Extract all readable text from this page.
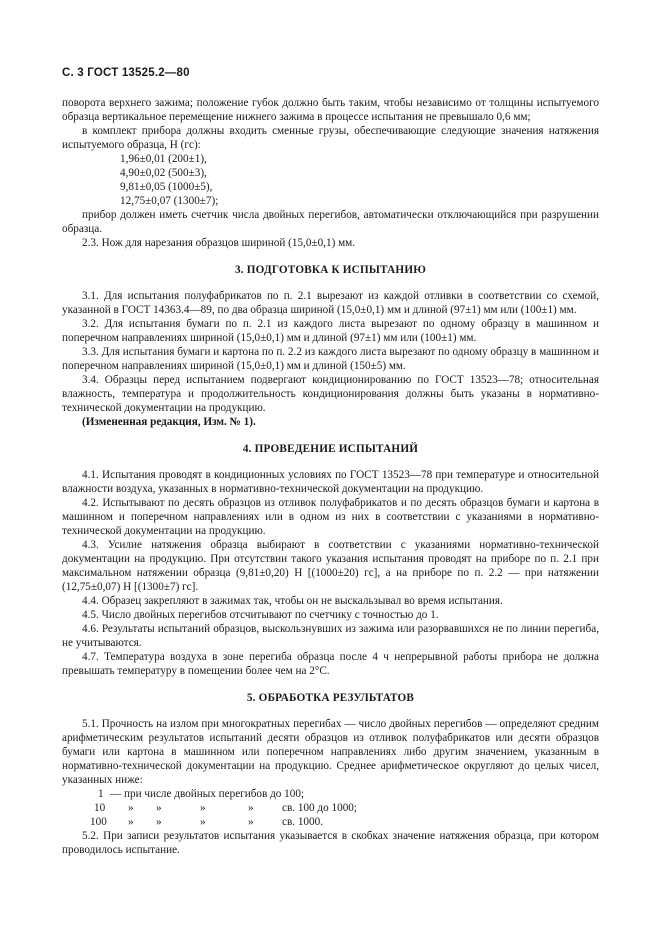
С. 3 ГОСТ 13525.2—80

поворота верхнего зажима; положение губок должно быть таким, чтобы независимо от толщины испытуемого образца вертикальное перемещение нижнего зажима в процессе испытания не превышало 0,6 мм;

в комплект прибора должны входить сменные грузы, обеспечивающие следующие значения натяжения испытуемого образца, Н (гс):

1,96±0,01 (200±1),
4,90±0,02 (500±3),
9,81±0,05 (1000±5),
12,75±0,07 (1300±7);

прибор должен иметь счетчик числа двойных перегибов, автоматически отключающийся при разрушении образца.

2.3. Нож для нарезания образцов шириной (15,0±0,1) мм.

3. ПОДГОТОВКА К ИСПЫТАНИЮ

3.1. Для испытания полуфабрикатов по п. 2.1 вырезают из каждой отливки в соответствии со схемой, указанной в ГОСТ 14363.4—89, по два образца шириной (15,0±0,1) мм и длиной (97±1) мм или (100±1) мм.

3.2. Для испытания бумаги по п. 2.1 из каждого листа вырезают по одному образцу в машинном и поперечном направлениях шириной (15,0±0,1) мм и длиной (97±1) мм или (100±1) мм.

3.3. Для испытания бумаги и картона по п. 2.2 из каждого листа вырезают по одному образцу в машинном и поперечном направлениях шириной (15,0±0,1) мм и длиной (150±5) мм.

3.4. Образцы перед испытанием подвергают кондиционированию по ГОСТ 13523—78; относительная влажность, температура и продолжительность кондиционирования должны быть указаны в нормативно-технической документации на продукцию.

(Измененная редакция, Изм. № 1).

4. ПРОВЕДЕНИЕ ИСПЫТАНИЙ

4.1. Испытания проводят в кондиционных условиях по ГОСТ 13523—78 при температуре и относительной влажности воздуха, указанных в нормативно-технической документации на продукцию.

4.2. Испытывают по десять образцов из отливок полуфабрикатов и по десять образцов бумаги и картона в машинном и поперечном направлениях или в одном из них в соответствии с указаниями в нормативно-технической документации на продукцию.

4.3. Усилие натяжения образца выбирают в соответствии с указаниями нормативно-технической документации на продукцию. При отсутствии такого указания испытания проводят на приборе по п. 2.1 при максимальном натяжении образца (9,81±0,20) Н [(1000±20) гс], а на приборе по п. 2.2 — при натяжении (12,75±0,07) Н [(1300±7) гс].

4.4. Образец закрепляют в зажимах так, чтобы он не выскальзывал во время испытания.

4.5. Число двойных перегибов отсчитывают по счетчику с точностью до 1.

4.6. Результаты испытаний образцов, выскользнувших из зажима или разорвавшихся не по линии перегиба, не учитываются.

4.7. Температура воздуха в зоне перегиба образца после 4 ч непрерывной работы прибора не должна превышать температуру в помещении более чем на 2°С.

5. ОБРАБОТКА РЕЗУЛЬТАТОВ

5.1. Прочность на излом при многократных перегибах — число двойных перегибов — определяют средним арифметическим результатов испытаний десяти образцов из отливок полуфабрикатов или десяти образцов бумаги или картона в машинном или поперечном направлениях либо другим значением, указанным в нормативно-технической документации на продукцию. Среднее арифметическое округляют до целых чисел, указанных ниже:

1 — при числе двойных перегибов до 100;
10 » »	»	»	св. 100 до 1000;
100 » »	»	»	св. 1000.

5.2. При записи результатов испытания указывается в скобках значение натяжения образца, при котором проводилось испытание.
